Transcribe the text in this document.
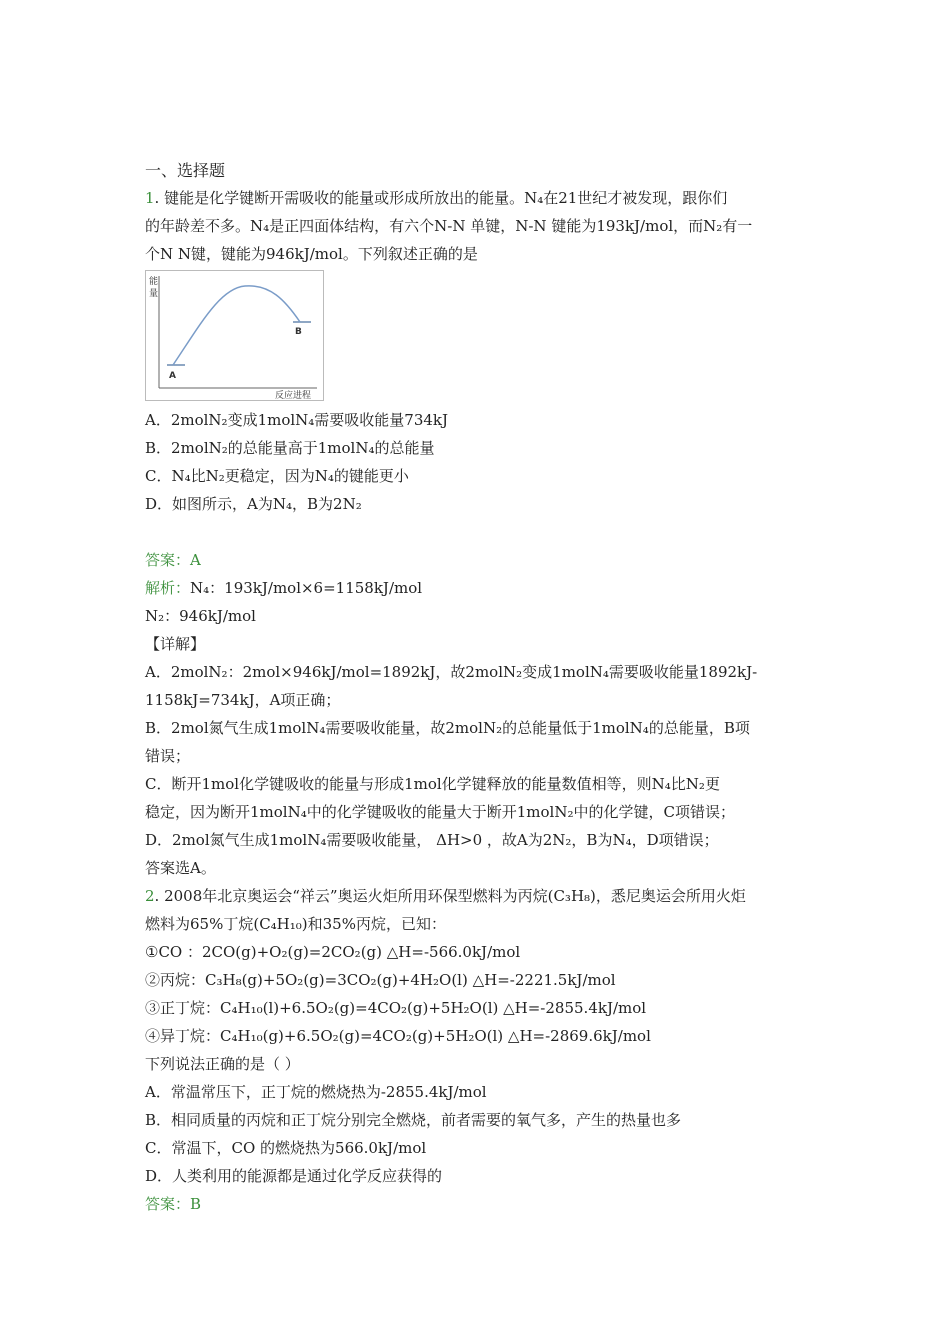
一、选择题
1. 键能是化学键断开需吸收的能量或形成所放出的能量。N₄在21世纪才被发现，跟你们
的年龄差不多。N₄是正四面体结构，有六个N-N 单键，N-N 键能为193kJ/mol，而N₂有一
个N N键，键能为946kJ/mol。下列叙述正确的是
能
量
A
B
反应进程
A．2molN₂变成1molN₄需要吸收能量734kJ
B．2molN₂的总能量高于1molN₄的总能量
C．N₄比N₂更稳定，因为N₄的键能更小
D．如图所示，A为N₄，B为2N₂
答案：A
解析：N₄：193kJ/mol×6=1158kJ/mol
N₂：946kJ/mol
【详解】
A．2molN₂：2mol×946kJ/mol=1892kJ，故2molN₂变成1molN₄需要吸收能量1892kJ-
1158kJ=734kJ，A项正确；
B．2mol氮气生成1molN₄需要吸收能量，故2molN₂的总能量低于1molN₄的总能量，B项
错误；
C．断开1mol化学键吸收的能量与形成1mol化学键释放的能量数值相等，则N₄比N₂更
稳定，因为断开1molN₄中的化学键吸收的能量大于断开1molN₂中的化学键，C项错误；
D．2mol氮气生成1molN₄需要吸收能量， ΔH>0 ，故A为2N₂，B为N₄，D项错误；
答案选A。
2. 2008年北京奥运会“祥云”奥运火炬所用环保型燃料为丙烷(C₃H₈)，悉尼奥运会所用火炬
燃料为65%丁烷(C₄H₁₀)和35%丙烷，已知：
①CO ：2CO(g)+O₂(g)=2CO₂(g) △H=-566.0kJ/mol
②丙烷：C₃H₈(g)+5O₂(g)=3CO₂(g)+4H₂O(l) △H=-2221.5kJ/mol
③正丁烷：C₄H₁₀(l)+6.5O₂(g)=4CO₂(g)+5H₂O(l) △H=-2855.4kJ/mol
④异丁烷：C₄H₁₀(g)+6.5O₂(g)=4CO₂(g)+5H₂O(l) △H=-2869.6kJ/mol
下列说法正确的是（ ）
A．常温常压下，正丁烷的燃烧热为-2855.4kJ/mol
B．相同质量的丙烷和正丁烷分别完全燃烧，前者需要的氧气多，产生的热量也多
C．常温下，CO 的燃烧热为566.0kJ/mol
D．人类利用的能源都是通过化学反应获得的
答案：B
